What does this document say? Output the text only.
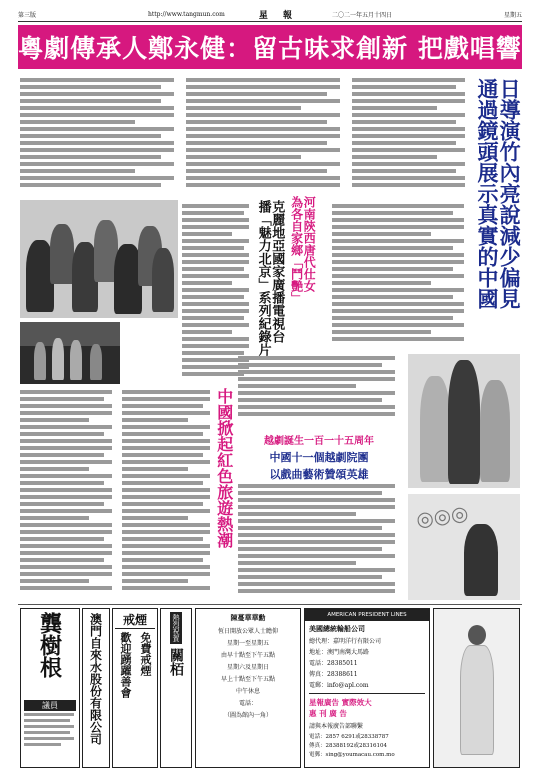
第三版	http://www.tangmun.com	星 報	二〇二一年五月十四日	星期五
粵劇傳承人鄭永健：留古味求創新 把戲唱響
日導演竹內亮說減少偏見
通過鏡頭展示真實的中國
克麗地亞國家廣播電視台
播「魅力北京」系列紀錄片	河南陝西唐代仕女
為各自家鄉「鬥艷」
中國掀起紅色旅遊熱潮	越劇誕生一百一十五周年
中國十一個越劇院團
以戲曲藝術贊頌英雄
◎◎◎
龔樹根
議員	澳門自來水股份有限公司	戒煙
免費戒煙
歡迎踴躍善會
熱烈祝賀
關栢
陳蔓華華勳
恆日開放公眾人士瞻仰
星期一至星期五
由早十點至下午五點
星期六及星期日
早上十點至下午五點
中午休息
電話：
（圖為館內一角）
AMERICAN PRESIDENT LINES
美國總統輪船公司
總代理：嘉明洋行有限公司
地址：澳門南灣大馬路
電話：28385011
傳真：28388611
電郵：info@apl.com
星報廣告 實際效大
惠 刊 廣 告
請與本報廣告部聯繫
電話：2857 6291或28338787
傳真：28388192或28316104
電郵：sing@youmacau.com.mo
